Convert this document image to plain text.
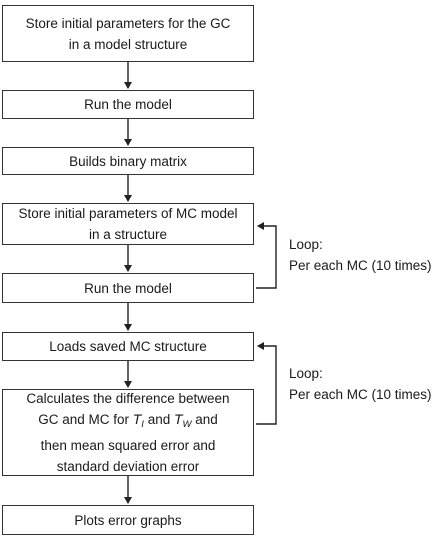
Store initial parameters for the GC
in a model structure
Run the model
Builds binary matrix
Store initial parameters of MC model
in a structure
Run the model
Loads saved MC structure
Calculates the difference between
GC and MC for $T_I$ and $T_W$ and
then mean squared error and
standard deviation error
Plots error graphs
Loop:
Per each MC (10 times)
Loop:
Per each MC (10 times)
